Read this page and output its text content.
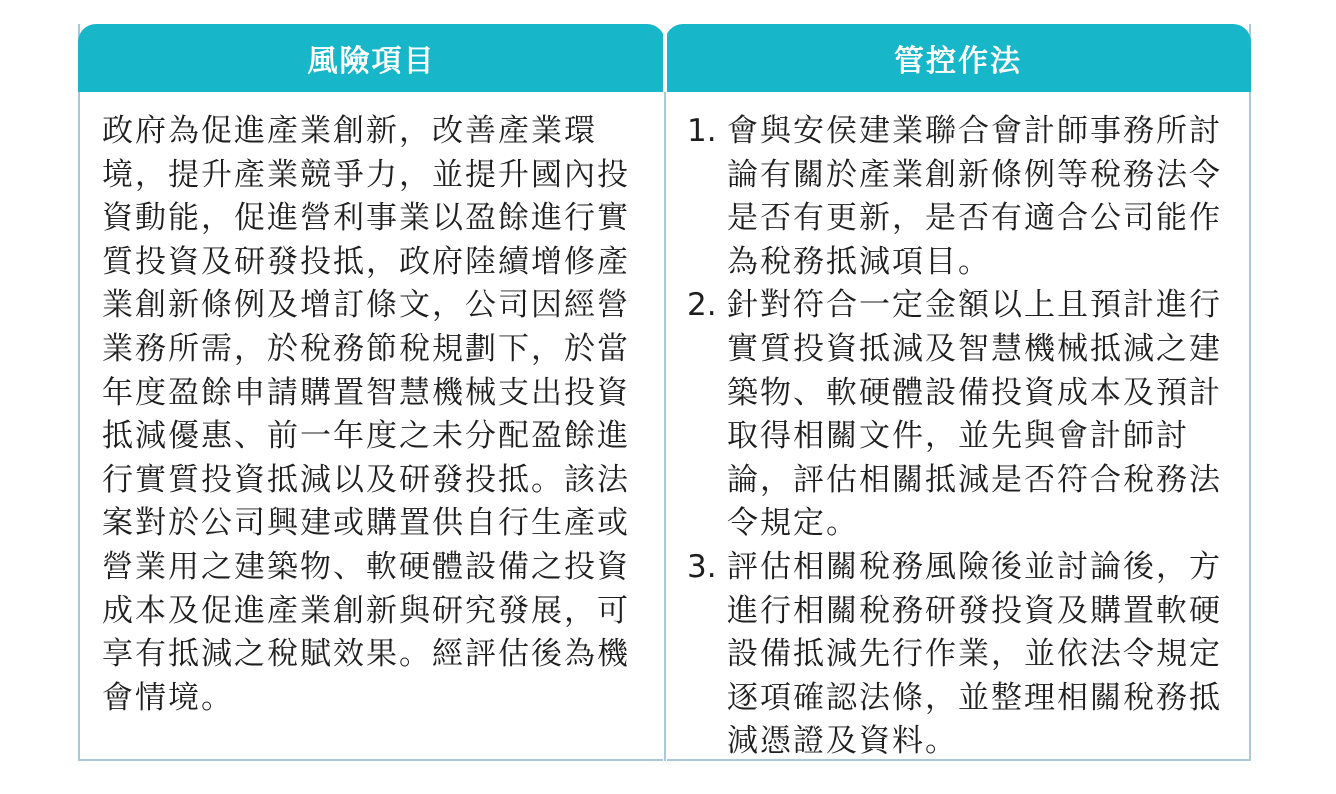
風險項目
政府為促進產業創新，改善產業環境，提升產業競爭力，並提升國內投資動能，促進營利事業以盈餘進行實質投資及研發投抵，政府陸續增修產業創新條例及增訂條文，公司因經營業務所需，於稅務節稅規劃下，於當年度盈餘申請購置智慧機械支出投資抵減優惠、前一年度之未分配盈餘進行實質投資抵減以及研發投抵。該法案對於公司興建或購置供自行生產或營業用之建築物、軟硬體設備之投資成本及促進產業創新與研究發展，可享有抵減之稅賦效果。經評估後為機會情境。
管控作法
1. 會與安侯建業聯合會計師事務所討論有關於產業創新條例等稅務法令是否有更新，是否有適合公司能作為稅務抵減項目。
2. 針對符合一定金額以上且預計進行實質投資抵減及智慧機械抵減之建築物、軟硬體設備投資成本及預計取得相關文件，並先與會計師討論，評估相關抵減是否符合稅務法令規定。
3. 評估相關稅務風險後並討論後，方進行相關稅務研發投資及購置軟硬設備抵減先行作業，並依法令規定逐項確認法條，並整理相關稅務抵減憑證及資料。
